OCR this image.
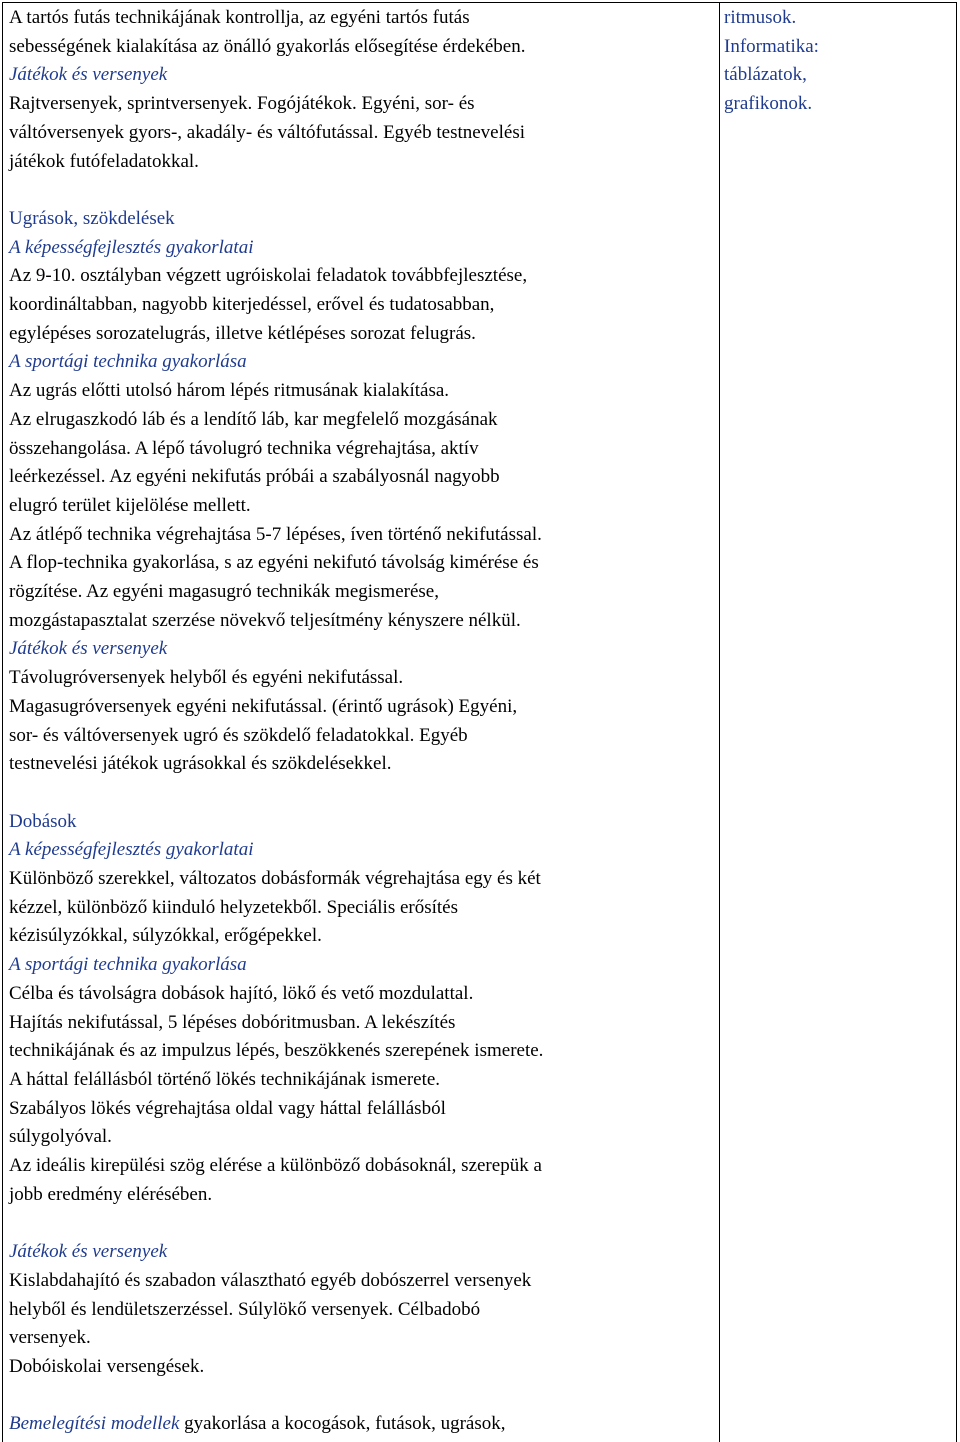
A tartós futás technikájának kontrollja, az egyéni tartós futás
sebességének kialakítása az önálló gyakorlás elősegítése érdekében.
Játékok és versenyek
Rajtversenyek, sprintversenyek. Fogójátékok. Egyéni, sor- és
váltóversenyek gyors-, akadály- és váltófutással. Egyéb testnevelési
játékok futófeladatokkal.
Ugrások, szökdelések
A képességfejlesztés gyakorlatai
Az 9-10. osztályban végzett ugróiskolai feladatok továbbfejlesztése,
koordináltabban, nagyobb kiterjedéssel, erővel és tudatosabban,
egylépéses sorozatelugrás, illetve kétlépéses sorozat felugrás.
A sportági technika gyakorlása
Az ugrás előtti utolsó három lépés ritmusának kialakítása.
Az elrugaszkodó láb és a lendítő láb, kar megfelelő mozgásának
összehangolása. A lépő távolugró technika végrehajtása, aktív
leérkezéssel. Az egyéni nekifutás próbái a szabályosnál nagyobb
elugró terület kijelölése mellett.
Az átlépő technika végrehajtása 5-7 lépéses, íven történő nekifutással.
A flop-technika gyakorlása, s az egyéni nekifutó távolság kimérése és
rögzítése. Az egyéni magasugró technikák megismerése,
mozgástapasztalat szerzése növekvő teljesítmény kényszere nélkül.
Játékok és versenyek
Távolugróversenyek helyből és egyéni nekifutással.
Magasugróversenyek egyéni nekifutással. (érintő ugrások) Egyéni,
sor- és váltóversenyek ugró és szökdelő feladatokkal. Egyéb
testnevelési játékok ugrásokkal és szökdelésekkel.
Dobások
A képességfejlesztés gyakorlatai
Különböző szerekkel, változatos dobásformák végrehajtása egy és két
kézzel, különböző kiinduló helyzetekből. Speciális erősítés
kézisúlyzókkal, súlyzókkal, erőgépekkel.
A sportági technika gyakorlása
Célba és távolságra dobások hajító, lökő és vető mozdulattal.
Hajítás nekifutással, 5 lépéses dobóritmusban. A lekészítés
technikájának és az impulzus lépés, beszökkenés szerepének ismerete.
A háttal felállásból történő lökés technikájának ismerete.
Szabályos lökés végrehajtása oldal vagy háttal felállásból
súlygolyóval.
Az ideális kirepülési szög elérése a különböző dobásoknál, szerepük a
jobb eredmény elérésében.
Játékok és versenyek
Kislabdahajító és szabadon választható egyéb dobószerrel versenyek
helyből és lendületszerzéssel. Súlylökő versenyek. Célbadobó
versenyek.
Dobóiskolai versengések.
Bemelegítési modellek gyakorlása a kocogások, futások, ugrások,
ritmusok.
Informatika:
táblázatok,
grafikonok.
